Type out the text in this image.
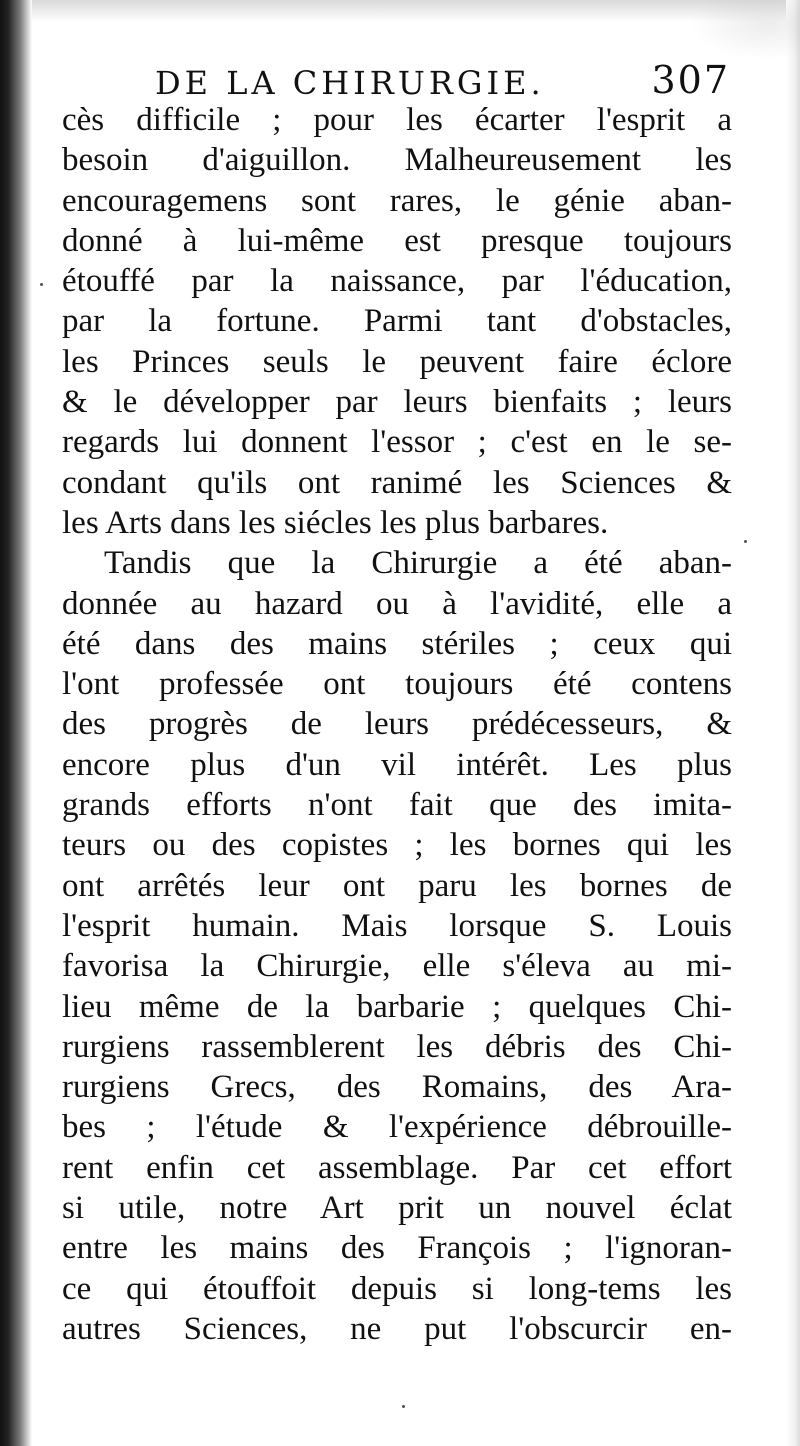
DE LA CHIRURGIE.	307
cès difficile ; pour les écarter l'esprit a
besoin d'aiguillon. Malheureusement les
encouragemens sont rares, le génie aban-
donné à lui-même est presque toujours
étouffé par la naissance, par l'éducation,
par la fortune. Parmi tant d'obstacles,
les Princes seuls le peuvent faire éclore
& le développer par leurs bienfaits ; leurs
regards lui donnent l'essor ; c'est en le se-
condant qu'ils ont ranimé les Sciences &
les Arts dans les siécles les plus barbares.
Tandis que la Chirurgie a été aban-
donnée au hazard ou à l'avidité, elle a
été dans des mains stériles ; ceux qui
l'ont professée ont toujours été contens
des progrès de leurs prédécesseurs, &
encore plus d'un vil intérêt. Les plus
grands efforts n'ont fait que des imita-
teurs ou des copistes ; les bornes qui les
ont arrêtés leur ont paru les bornes de
l'esprit humain. Mais lorsque S. Louis
favorisa la Chirurgie, elle s'éleva au mi-
lieu même de la barbarie ; quelques Chi-
rurgiens rassemblerent les débris des Chi-
rurgiens Grecs, des Romains, des Ara-
bes ; l'étude & l'expérience débrouille-
rent enfin cet assemblage. Par cet effort
si utile, notre Art prit un nouvel éclat
entre les mains des François ; l'ignoran-
ce qui étouffoit depuis si long-tems les
autres Sciences, ne put l'obscurcir en-
